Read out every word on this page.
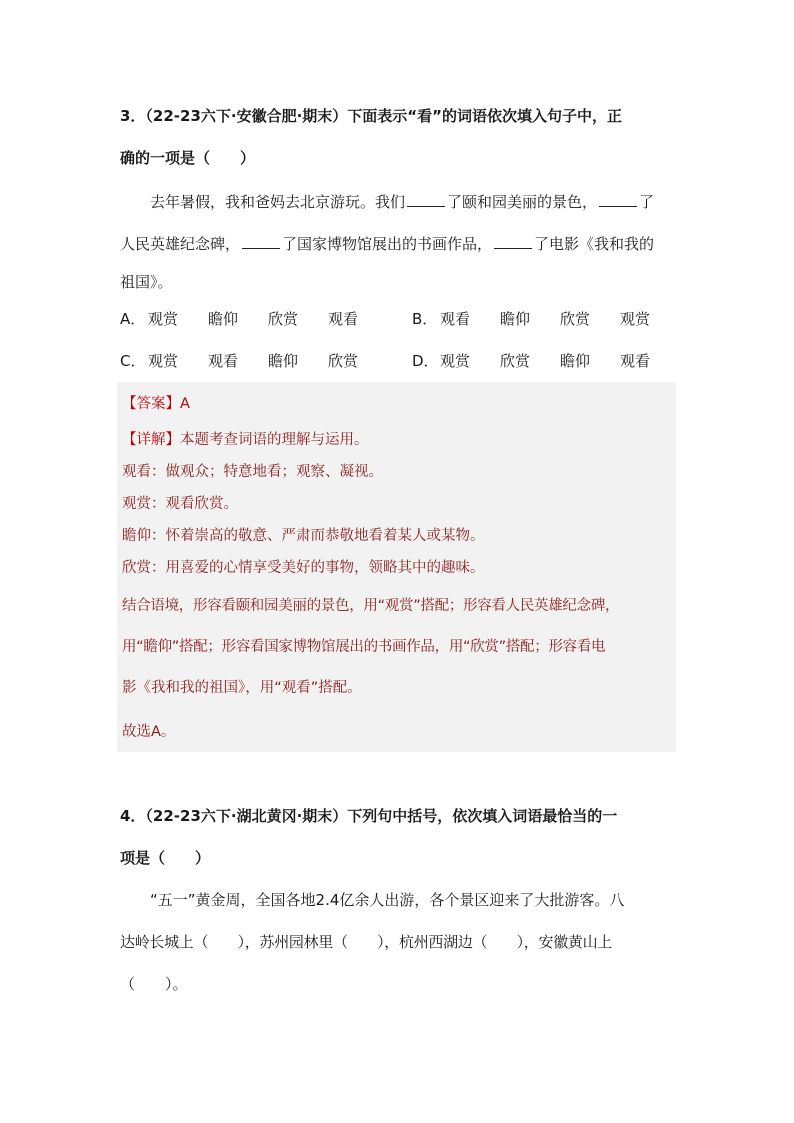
3．（22-23六下·安徽合肥·期末）下面表示“看”的词语依次填入句子中，正

确的一项是（　　）

去年暑假，我和爸妈去北京游玩。我们	了颐和园美丽的景色，	了

人民英雄纪念碑，	了国家博物馆展出的书画作品，	了电影《我和我的

祖国》。

A． 观赏 瞻仰 欣赏 观看	B． 观看 瞻仰 欣赏 观赏
C． 观赏 观看 瞻仰 欣赏	D．观赏 欣赏 瞻仰 观看

【答案】A

【详解】本题考查词语的理解与运用。

观看：做观众；特意地看；观察、凝视。

观赏：观看欣赏。

瞻仰：怀着崇高的敬意、严肃而恭敬地看着某人或某物。

欣赏：用喜爱的心情享受美好的事物，领略其中的趣味。

结合语境，形容看颐和园美丽的景色，用“观赏”搭配；形容看人民英雄纪念碑，

用“瞻仰”搭配；形容看国家博物馆展出的书画作品，用“欣赏”搭配；形容看电

影《我和我的祖国》，用“观看”搭配。

故选A。

4．（22-23六下·湖北黄冈·期末）下列句中括号，依次填入词语最恰当的一

项是（　　）

“五一”黄金周，全国各地2.4亿余人出游，各个景区迎来了大批游客。八

达岭长城上（　　），苏州园林里（　　），杭州西湖边（　　），安徽黄山上

（　　）。
